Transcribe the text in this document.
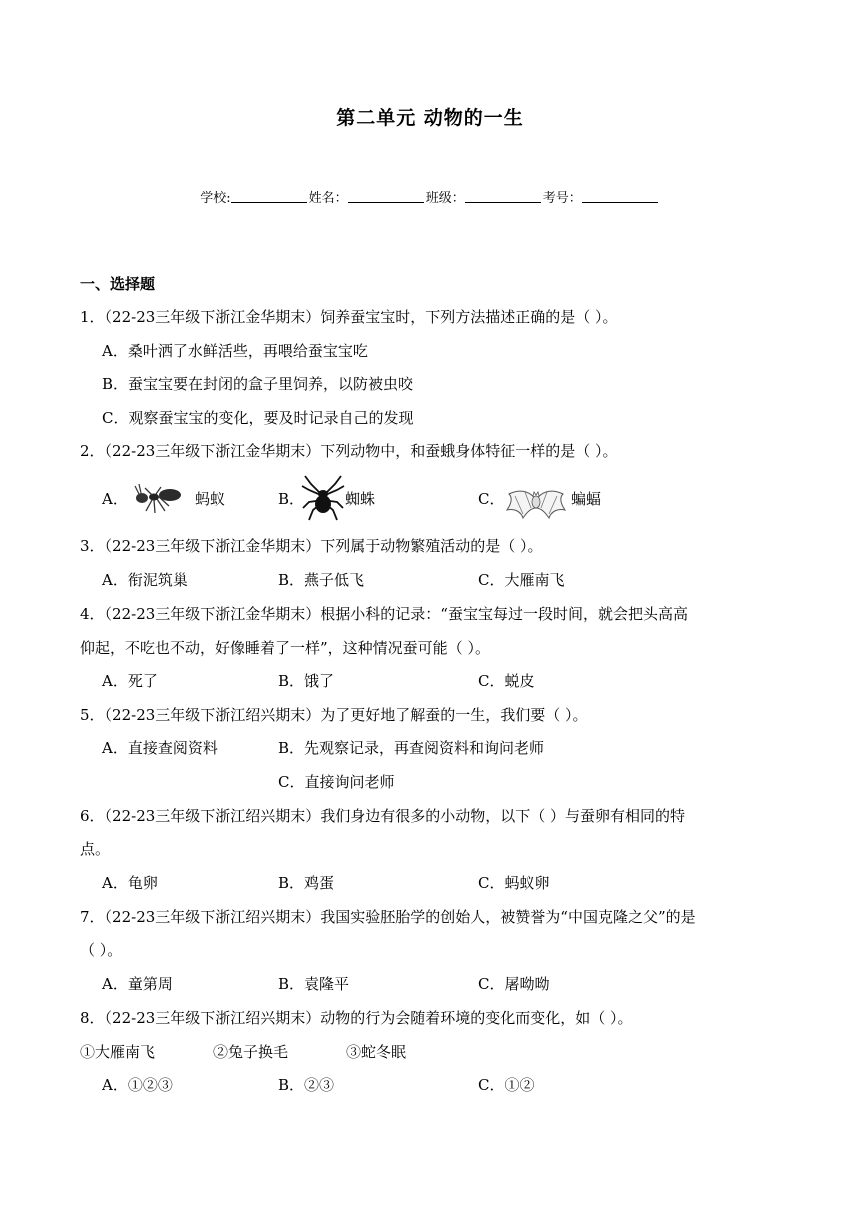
第二单元 动物的一生
学校:	姓名：	班级：	考号：
一、选择题
1．（22-23三年级下浙江金华期末）饲养蚕宝宝时，下列方法描述正确的是（ ）。
A．桑叶洒了水鲜活些，再喂给蚕宝宝吃
B．蚕宝宝要在封闭的盒子里饲养，以防被虫咬
C．观察蚕宝宝的变化，要及时记录自己的发现
2．（22-23三年级下浙江金华期末）下列动物中，和蚕蛾身体特征一样的是（ ）。
A．	蚂蚁	B．	蜘蛛	C．	蝙蝠
3．（22-23三年级下浙江金华期末）下列属于动物繁殖活动的是（ ）。
A．衔泥筑巢	B．燕子低飞	C．大雁南飞
4．（22-23三年级下浙江金华期末）根据小科的记录：“蚕宝宝每过一段时间，就会把头高高
仰起，不吃也不动，好像睡着了一样”，这种情况蚕可能（ ）。
A．死了	B．饿了	C．蜕皮
5．（22-23三年级下浙江绍兴期末）为了更好地了解蚕的一生，我们要（ ）。
A．直接查阅资料	B．先观察记录，再查阅资料和询问老师
C．直接询问老师
6．（22-23三年级下浙江绍兴期末）我们身边有很多的小动物，以下（ ）与蚕卵有相同的特
点。
A．龟卵	B．鸡蛋	C．蚂蚁卵
7．（22-23三年级下浙江绍兴期末）我国实验胚胎学的创始人，被赞誉为“中国克隆之父”的是
（ ）。
A．童第周	B．袁隆平	C．屠呦呦
8．（22-23三年级下浙江绍兴期末）动物的行为会随着环境的变化而变化，如（ ）。
①大雁南飞	②兔子换毛	③蛇冬眠
A．①②③	B．②③	C．①②
